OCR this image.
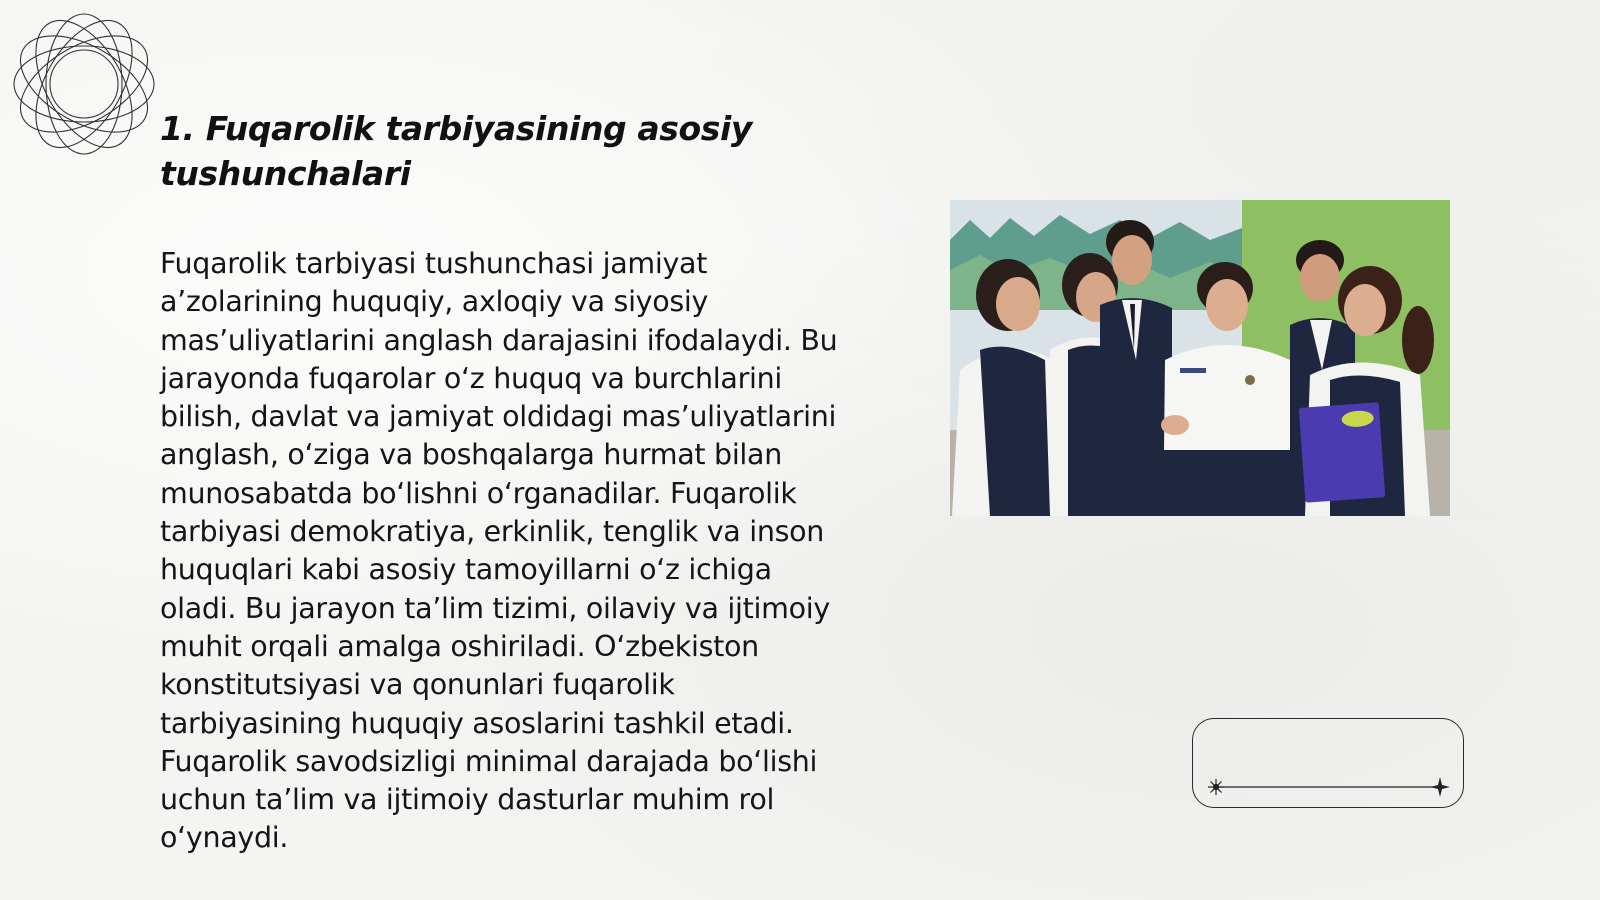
1. Fuqarolik tarbiyasining asosiy tushunchalari

Fuqarolik tarbiyasi tushunchasi jamiyat a’zolarining huquqiy, axloqiy va siyosiy mas’uliyatlarini anglash darajasini ifodalaydi. Bu jarayonda fuqarolar o‘z huquq va burchlarini bilish, davlat va jamiyat oldidagi mas’uliyatlarini anglash, o‘ziga va boshqalarga hurmat bilan munosabatda bo‘lishni o‘rganadilar. Fuqarolik tarbiyasi demokratiya, erkinlik, tenglik va inson huquqlari kabi asosiy tamoyillarni o‘z ichiga oladi. Bu jarayon ta’lim tizimi, oilaviy va ijtimoiy muhit orqali amalga oshiriladi. O‘zbekiston konstitutsiyasi va qonunlari fuqarolik tarbiyasining huquqiy asoslarini tashkil etadi. Fuqarolik savodsizligi minimal darajada bo‘lishi uchun ta’lim va ijtimoiy dasturlar muhim rol o‘ynaydi.
